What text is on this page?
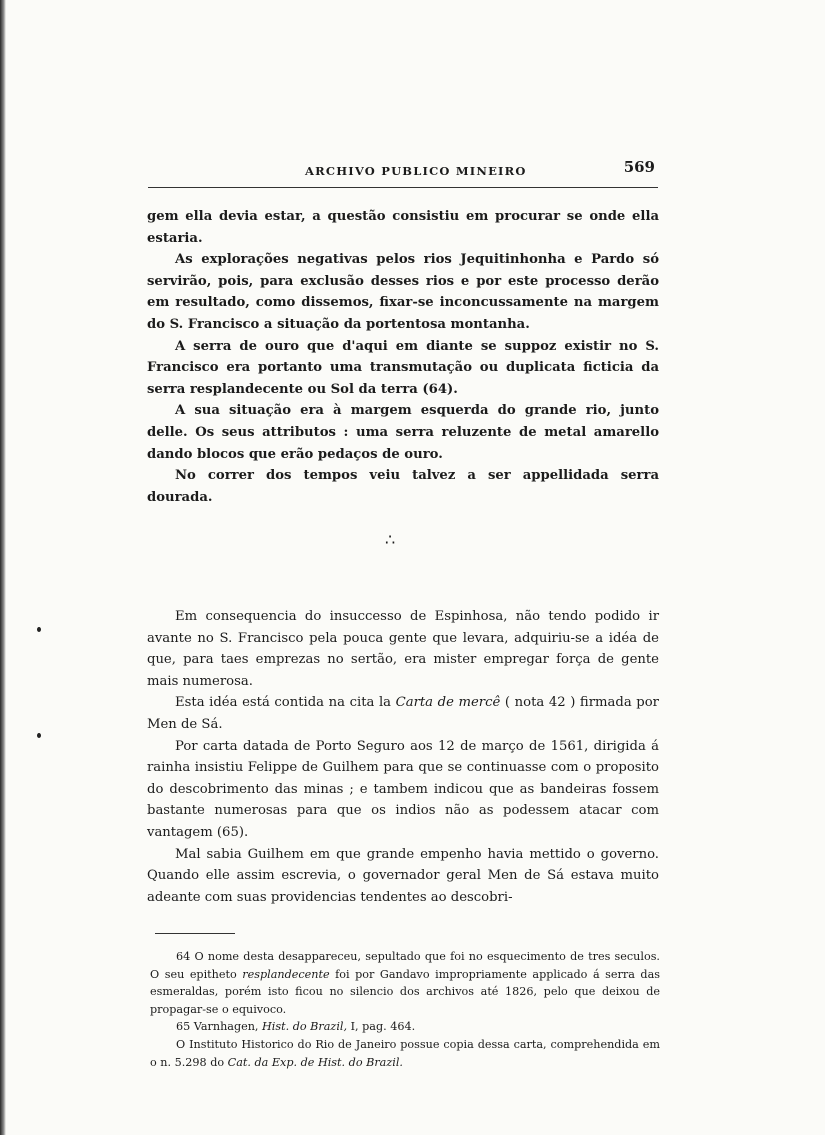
ARCHIVO PUBLICO MINEIRO	569

gem ella devia estar, a questão consistiu em procurar se onde ella estaria.

As explorações negativas pelos rios Jequitinhonha e Pardo só servirão, pois, para exclusão desses rios e por este processo derão em resultado, como dissemos, fixar-se inconcussamente na margem do S. Francisco a situação da portentosa montanha.

A serra de ouro que d'aqui em diante se suppoz existir no S. Francisco era portanto uma transmutação ou duplicata ficticia da serra resplandecente ou Sol da terra (64).

A sua situação era à margem esquerda do grande rio, junto delle. Os seus attributos : uma serra reluzente de metal amarello dando blocos que erão pedaços de ouro.

No correr dos tempos veiu talvez a ser appellidada serra dourada.

∴

Em consequencia do insuccesso de Espinhosa, não tendo podido ir avante no S. Francisco pela pouca gente que levara, adquiriu-se a idéa de que, para taes emprezas no sertão, era mister empregar força de gente mais numerosa.

Esta idéa está contida na cita la Carta de mercê ( nota 42 ) firmada por Men de Sá.

Por carta datada de Porto Seguro aos 12 de março de 1561, dirigida á rainha insistiu Felippe de Guilhem para que se continuasse com o proposito do descobrimento das minas ; e tambem indicou que as bandeiras fossem bastante numerosas para que os indios não as podessem atacar com vantagem (65).

Mal sabia Guilhem em que grande empenho havia mettido o governo. Quando elle assim escrevia, o governador geral Men de Sá estava muito adeante com suas providencias tendentes ao descobri-

64 O nome desta desappareceu, sepultado que foi no esquecimento de tres seculos. O seu epitheto resplandecente foi por Gandavo impropriamente applicado á serra das esmeraldas, porém isto ficou no silencio dos archivos até 1826, pelo que deixou de propagar-se o equivoco.

65 Varnhagen, Hist. do Brazil, I, pag. 464.

O Instituto Historico do Rio de Janeiro possue copia dessa carta, comprehendida em o n. 5.298 do Cat. da Exp. de Hist. do Brazil.
